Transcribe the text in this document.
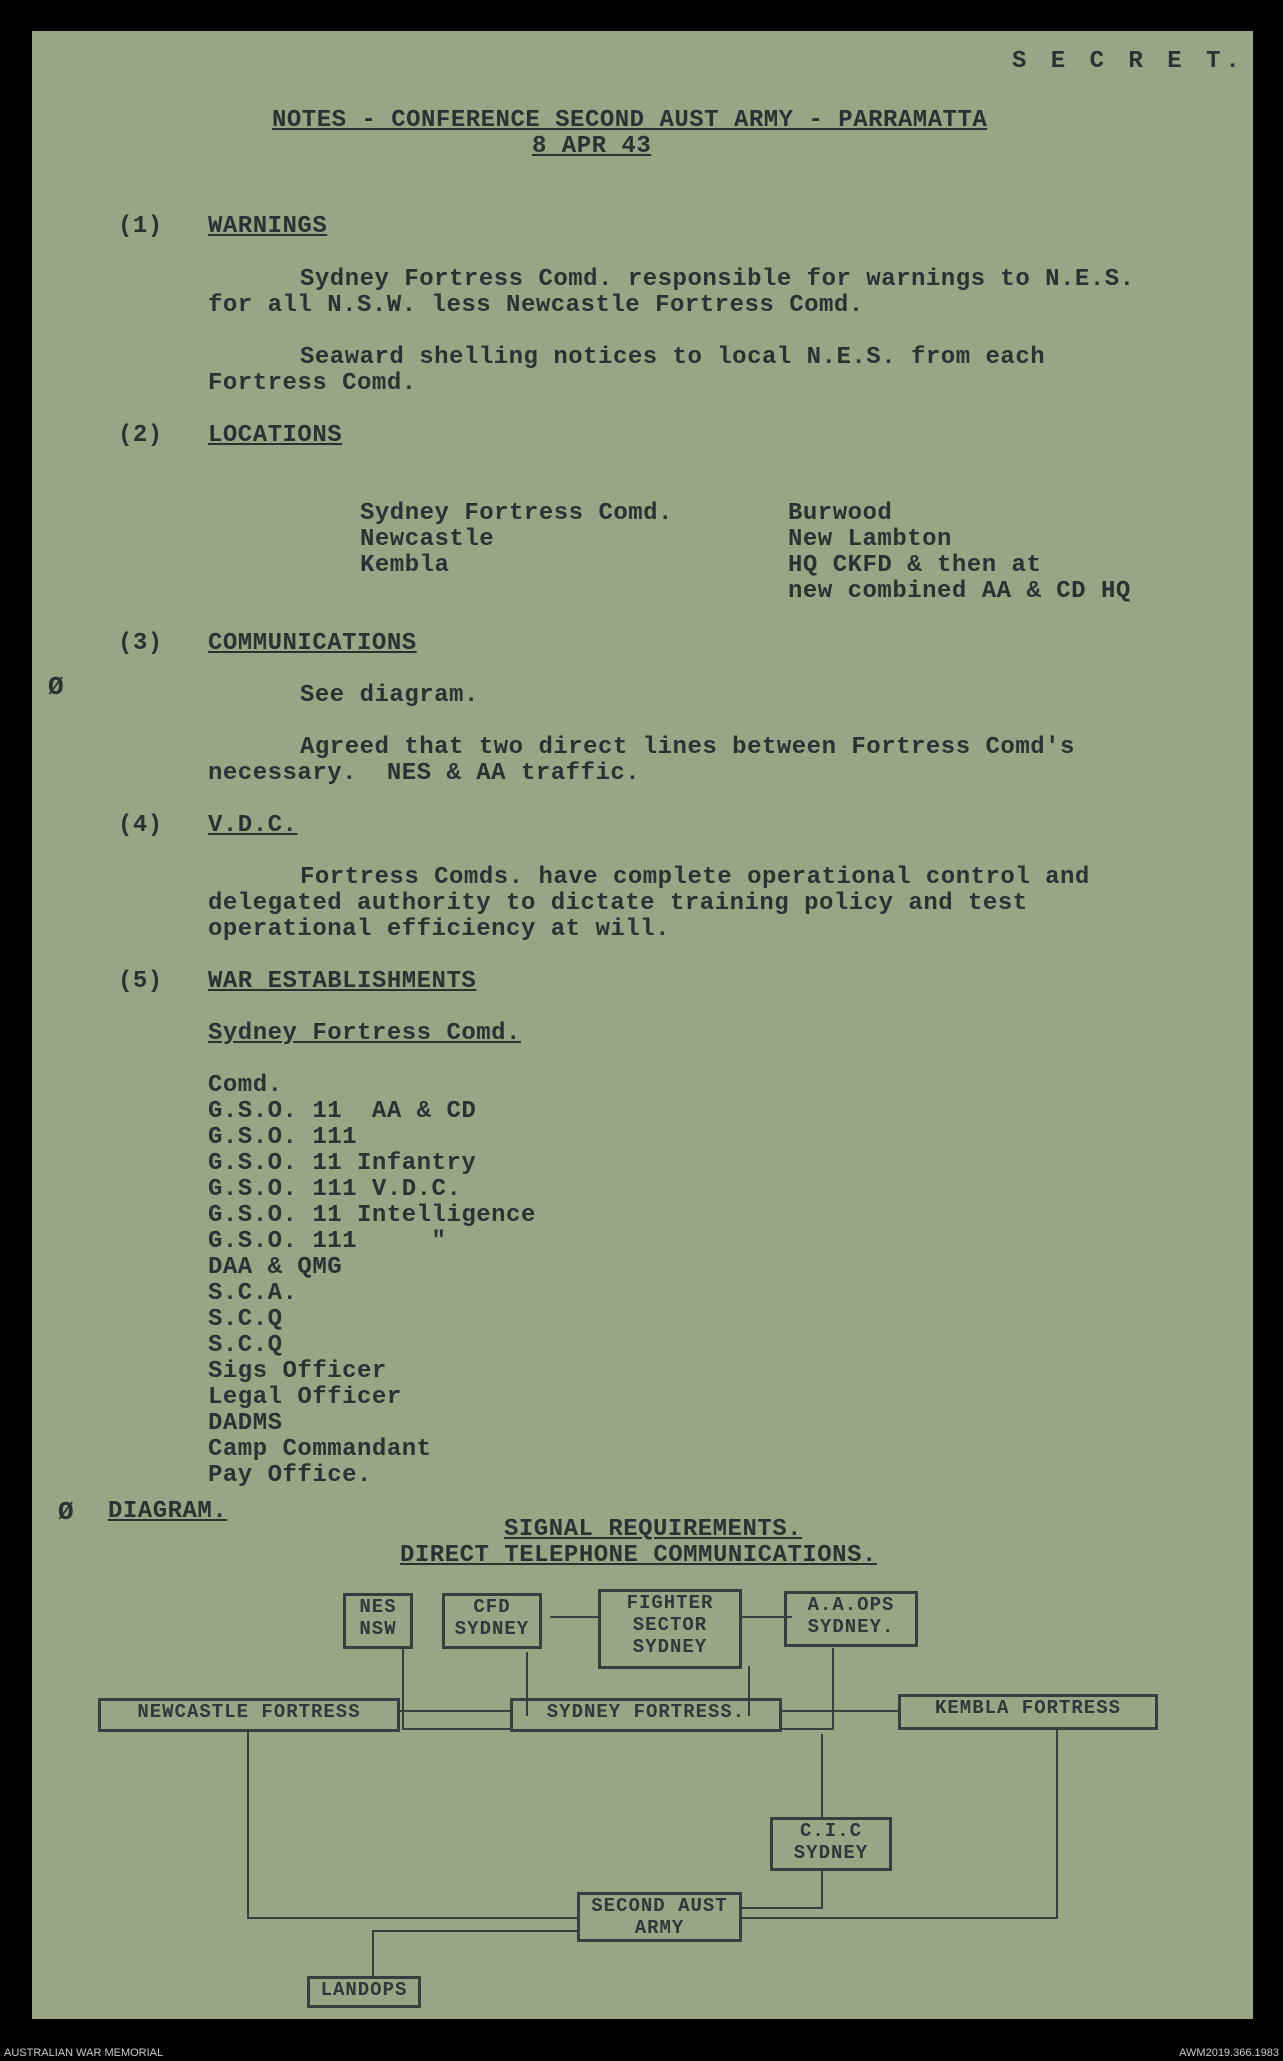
S E C R E T.
NOTES - CONFERENCE SECOND AUST ARMY - PARRAMATTA
8 APR 43
(1) WARNINGS
Sydney Fortress Comd. responsible for warnings to N.E.S.
for all N.S.W. less Newcastle Fortress Comd.
Seaward shelling notices to local N.E.S. from each
Fortress Comd.
(2) LOCATIONS
Sydney Fortress Comd.	Burwood
Newcastle	New Lambton
Kembla	HQ CKFD & then at
new combined AA & CD HQ
Ø
(3) COMMUNICATIONS
See diagram.
Agreed that two direct lines between Fortress Comd's
necessary.  NES & AA traffic.
(4) V.D.C.
Fortress Comds. have complete operational control and
delegated authority to dictate training policy and test
operational efficiency at will.
(5) WAR ESTABLISHMENTS
Sydney Fortress Comd.
Comd.
G.S.O. 11  AA & CD
G.S.O. 111
G.S.O. 11 Infantry
G.S.O. 111 V.D.C.
G.S.O. 11 Intelligence
G.S.O. 111     "
DAA & QMG
S.C.A.
S.C.Q
S.C.Q
Sigs Officer
Legal Officer
DADMS
Camp Commandant
Pay Office.
Ø DIAGRAM.
SIGNAL REQUIREMENTS.
DIRECT TELEPHONE COMMUNICATIONS.
NES
NSW
CFD
SYDNEY
FIGHTER
SECTOR
SYDNEY
A.A.OPS
SYDNEY.
NEWCASTLE FORTRESS	SYDNEY FORTRESS.	KEMBLA FORTRESS
C.I.C
SYDNEY
SECOND AUST
ARMY
LANDOPS
AUSTRALIAN WAR MEMORIAL	AWM2019.366.1983
